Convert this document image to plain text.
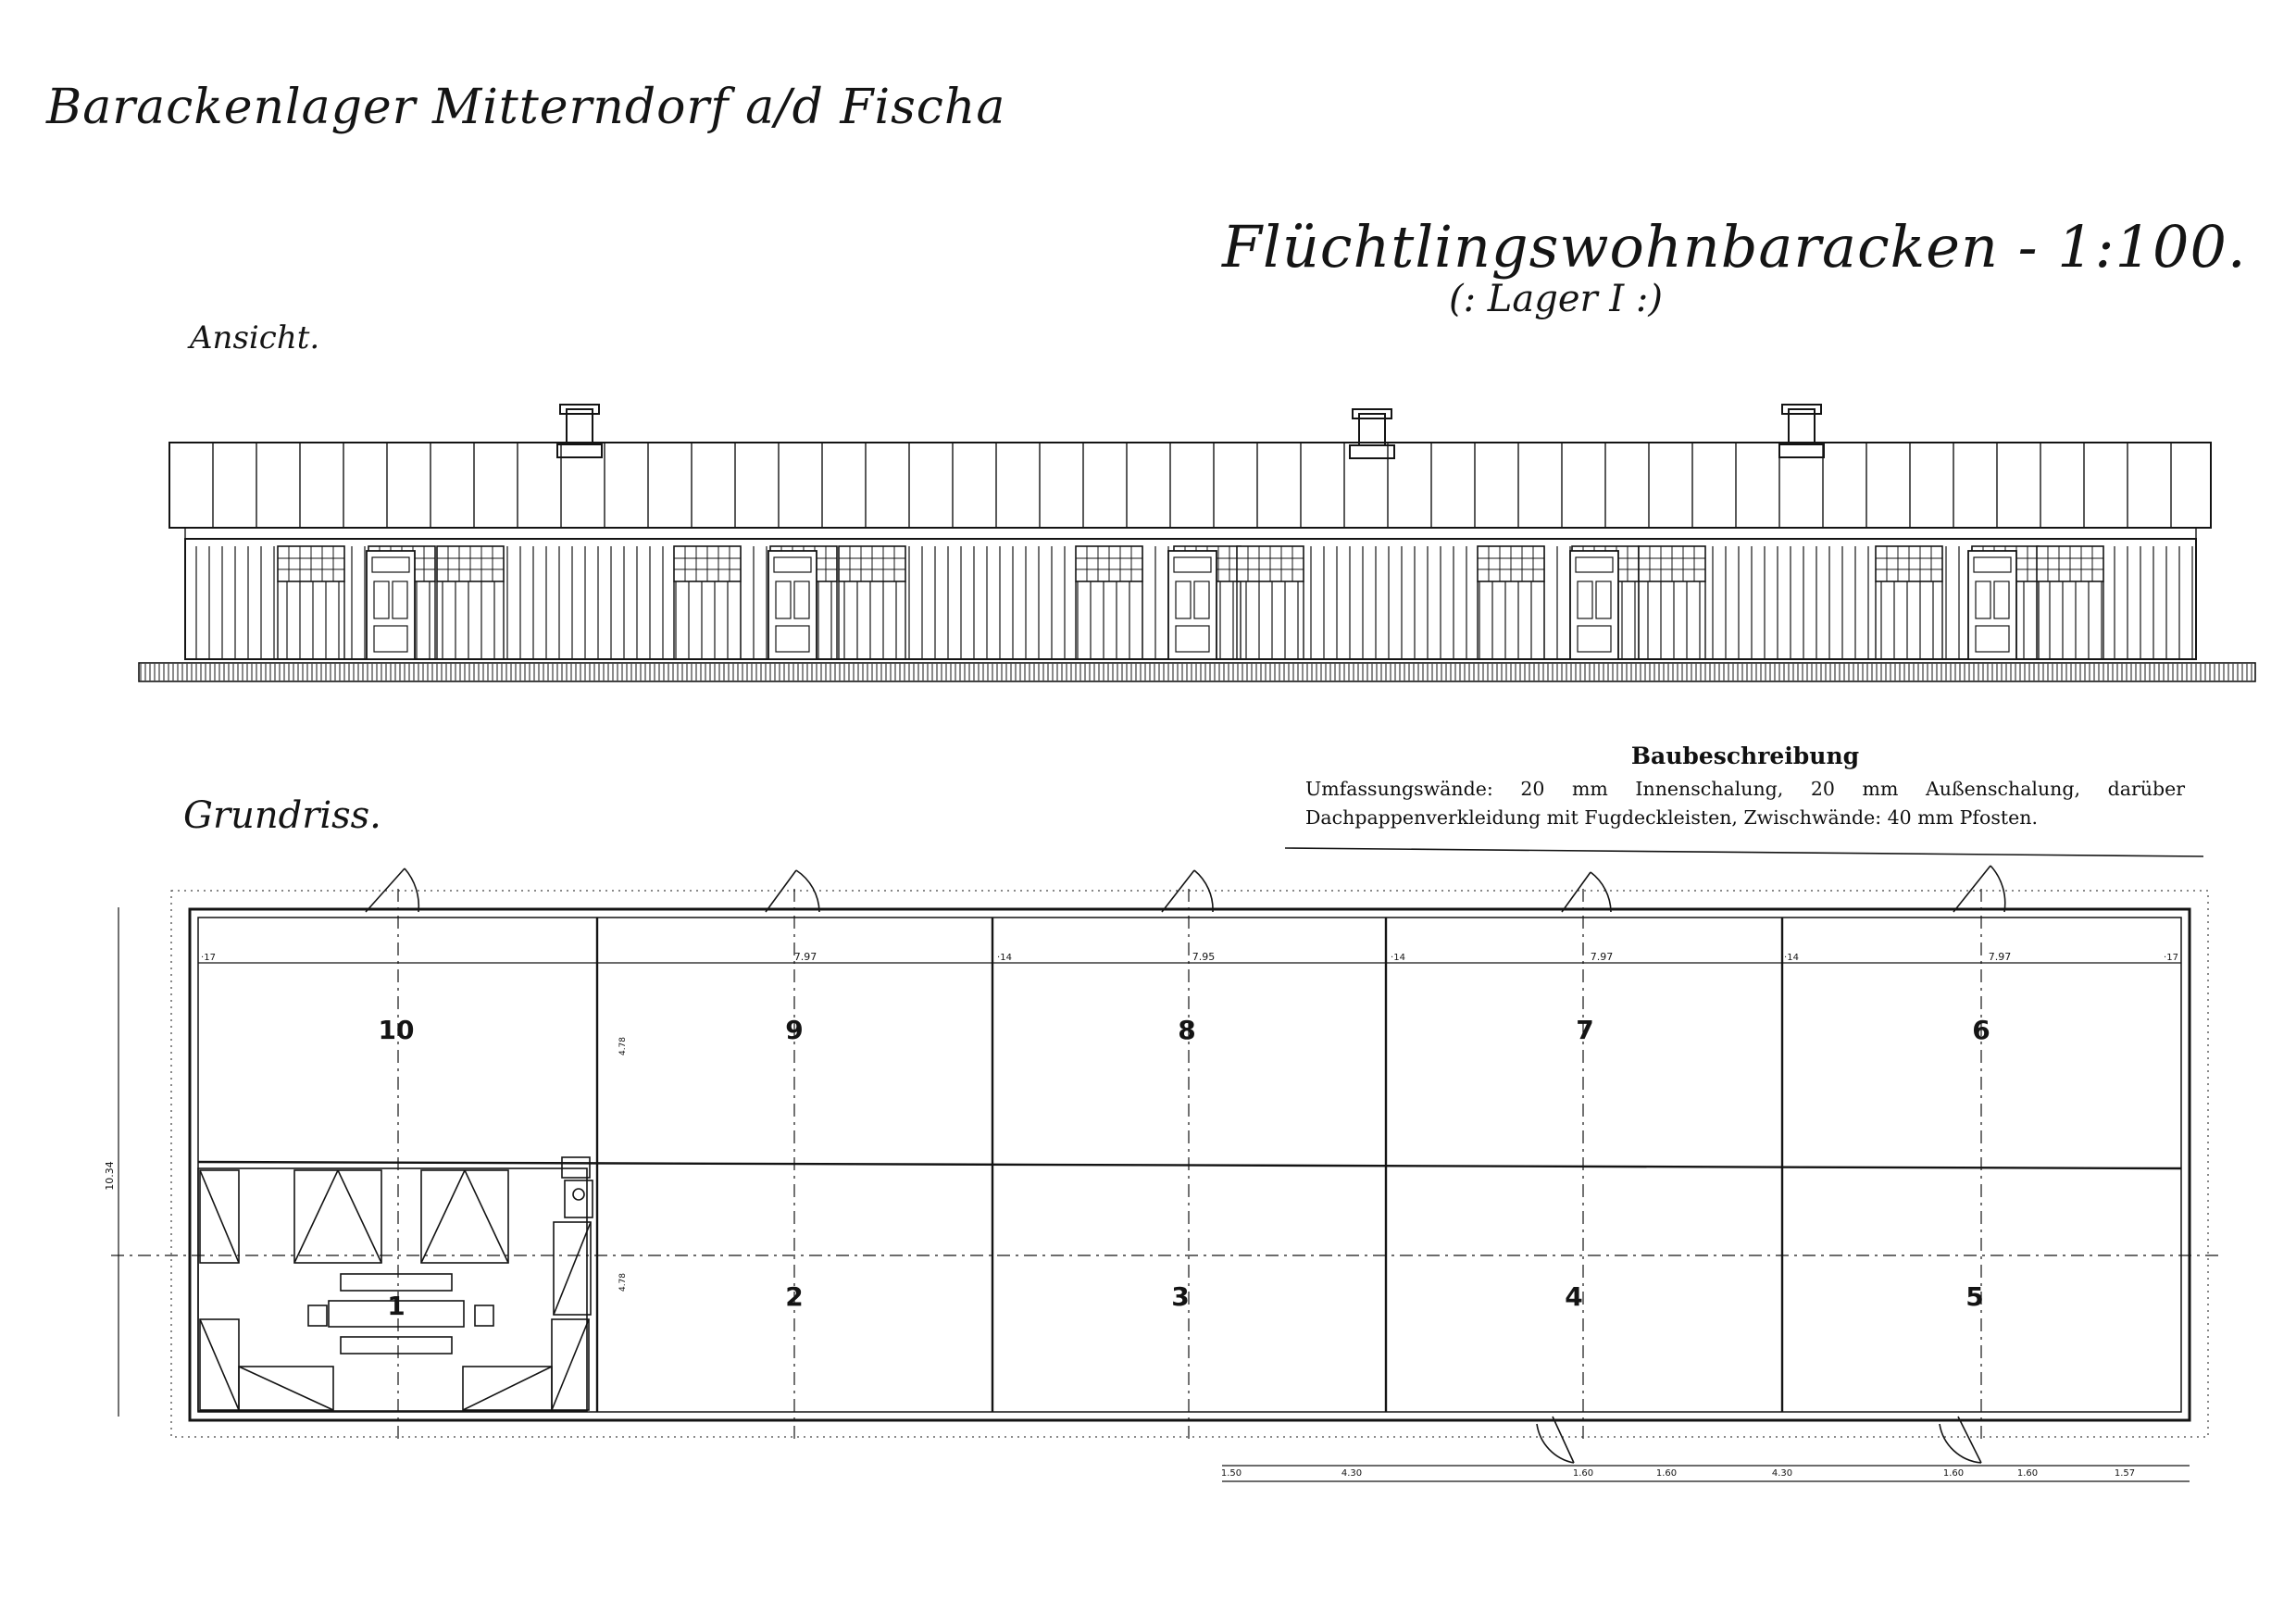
Barackenlager Mitterndorf a/d Fischa
Flüchtlingswohnbaracken - 1:100.
(: Lager I :)
Ansicht.
Grundriss.
Baubeschreibung
Umfassungswände: 20 mm Innenschalung, 20 mm Außenschalung, darüber Dachpappenverkleidung mit Fugdeckleisten, Zwischwände: 40 mm Pfosten.
10	9	8	7	6
1	2	3	4	5
7.97	7.95	7.97	7.97
·14	·14	·14
·17	·17
10.34
4.78
4.78
1.50	4.30	1.60	1.60	4.30	1.60	1.60	1.57
